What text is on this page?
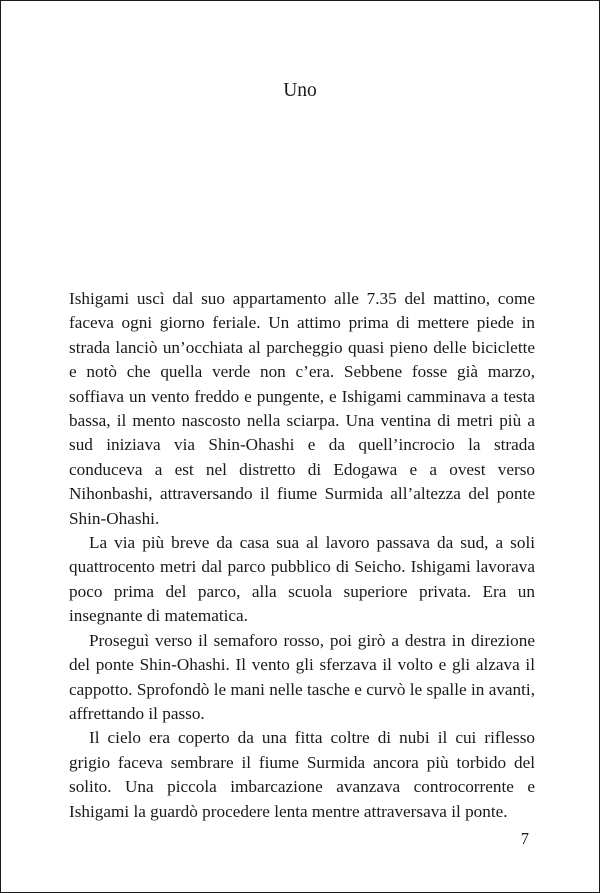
Uno

Ishigami uscì dal suo appartamento alle 7.35 del mattino, come faceva ogni giorno feriale. Un attimo prima di mettere piede in strada lanciò un’occhiata al parcheggio quasi pieno delle biciclette e notò che quella verde non c’era. Sebbene fosse già marzo, soffiava un vento freddo e pungente, e Ishigami camminava a testa bassa, il mento nascosto nella sciarpa. Una ventina di metri più a sud iniziava via Shin-Ohashi e da quell’incrocio la strada conduceva a est nel distretto di Edogawa e a ovest verso Nihonbashi, attraversando il fiume Surmida all’altezza del ponte Shin-Ohashi.

La via più breve da casa sua al lavoro passava da sud, a soli quattrocento metri dal parco pubblico di Seicho. Ishigami lavorava poco prima del parco, alla scuola superiore privata. Era un insegnante di matematica.

Proseguì verso il semaforo rosso, poi girò a destra in direzione del ponte Shin-Ohashi. Il vento gli sferzava il volto e gli alzava il cappotto. Sprofondò le mani nelle tasche e curvò le spalle in avanti, affrettando il passo.

Il cielo era coperto da una fitta coltre di nubi il cui riflesso grigio faceva sembrare il fiume Surmida ancora più torbido del solito. Una piccola imbarcazione avanzava controcorrente e Ishigami la guardò procedere lenta mentre attraversava il ponte.

7
